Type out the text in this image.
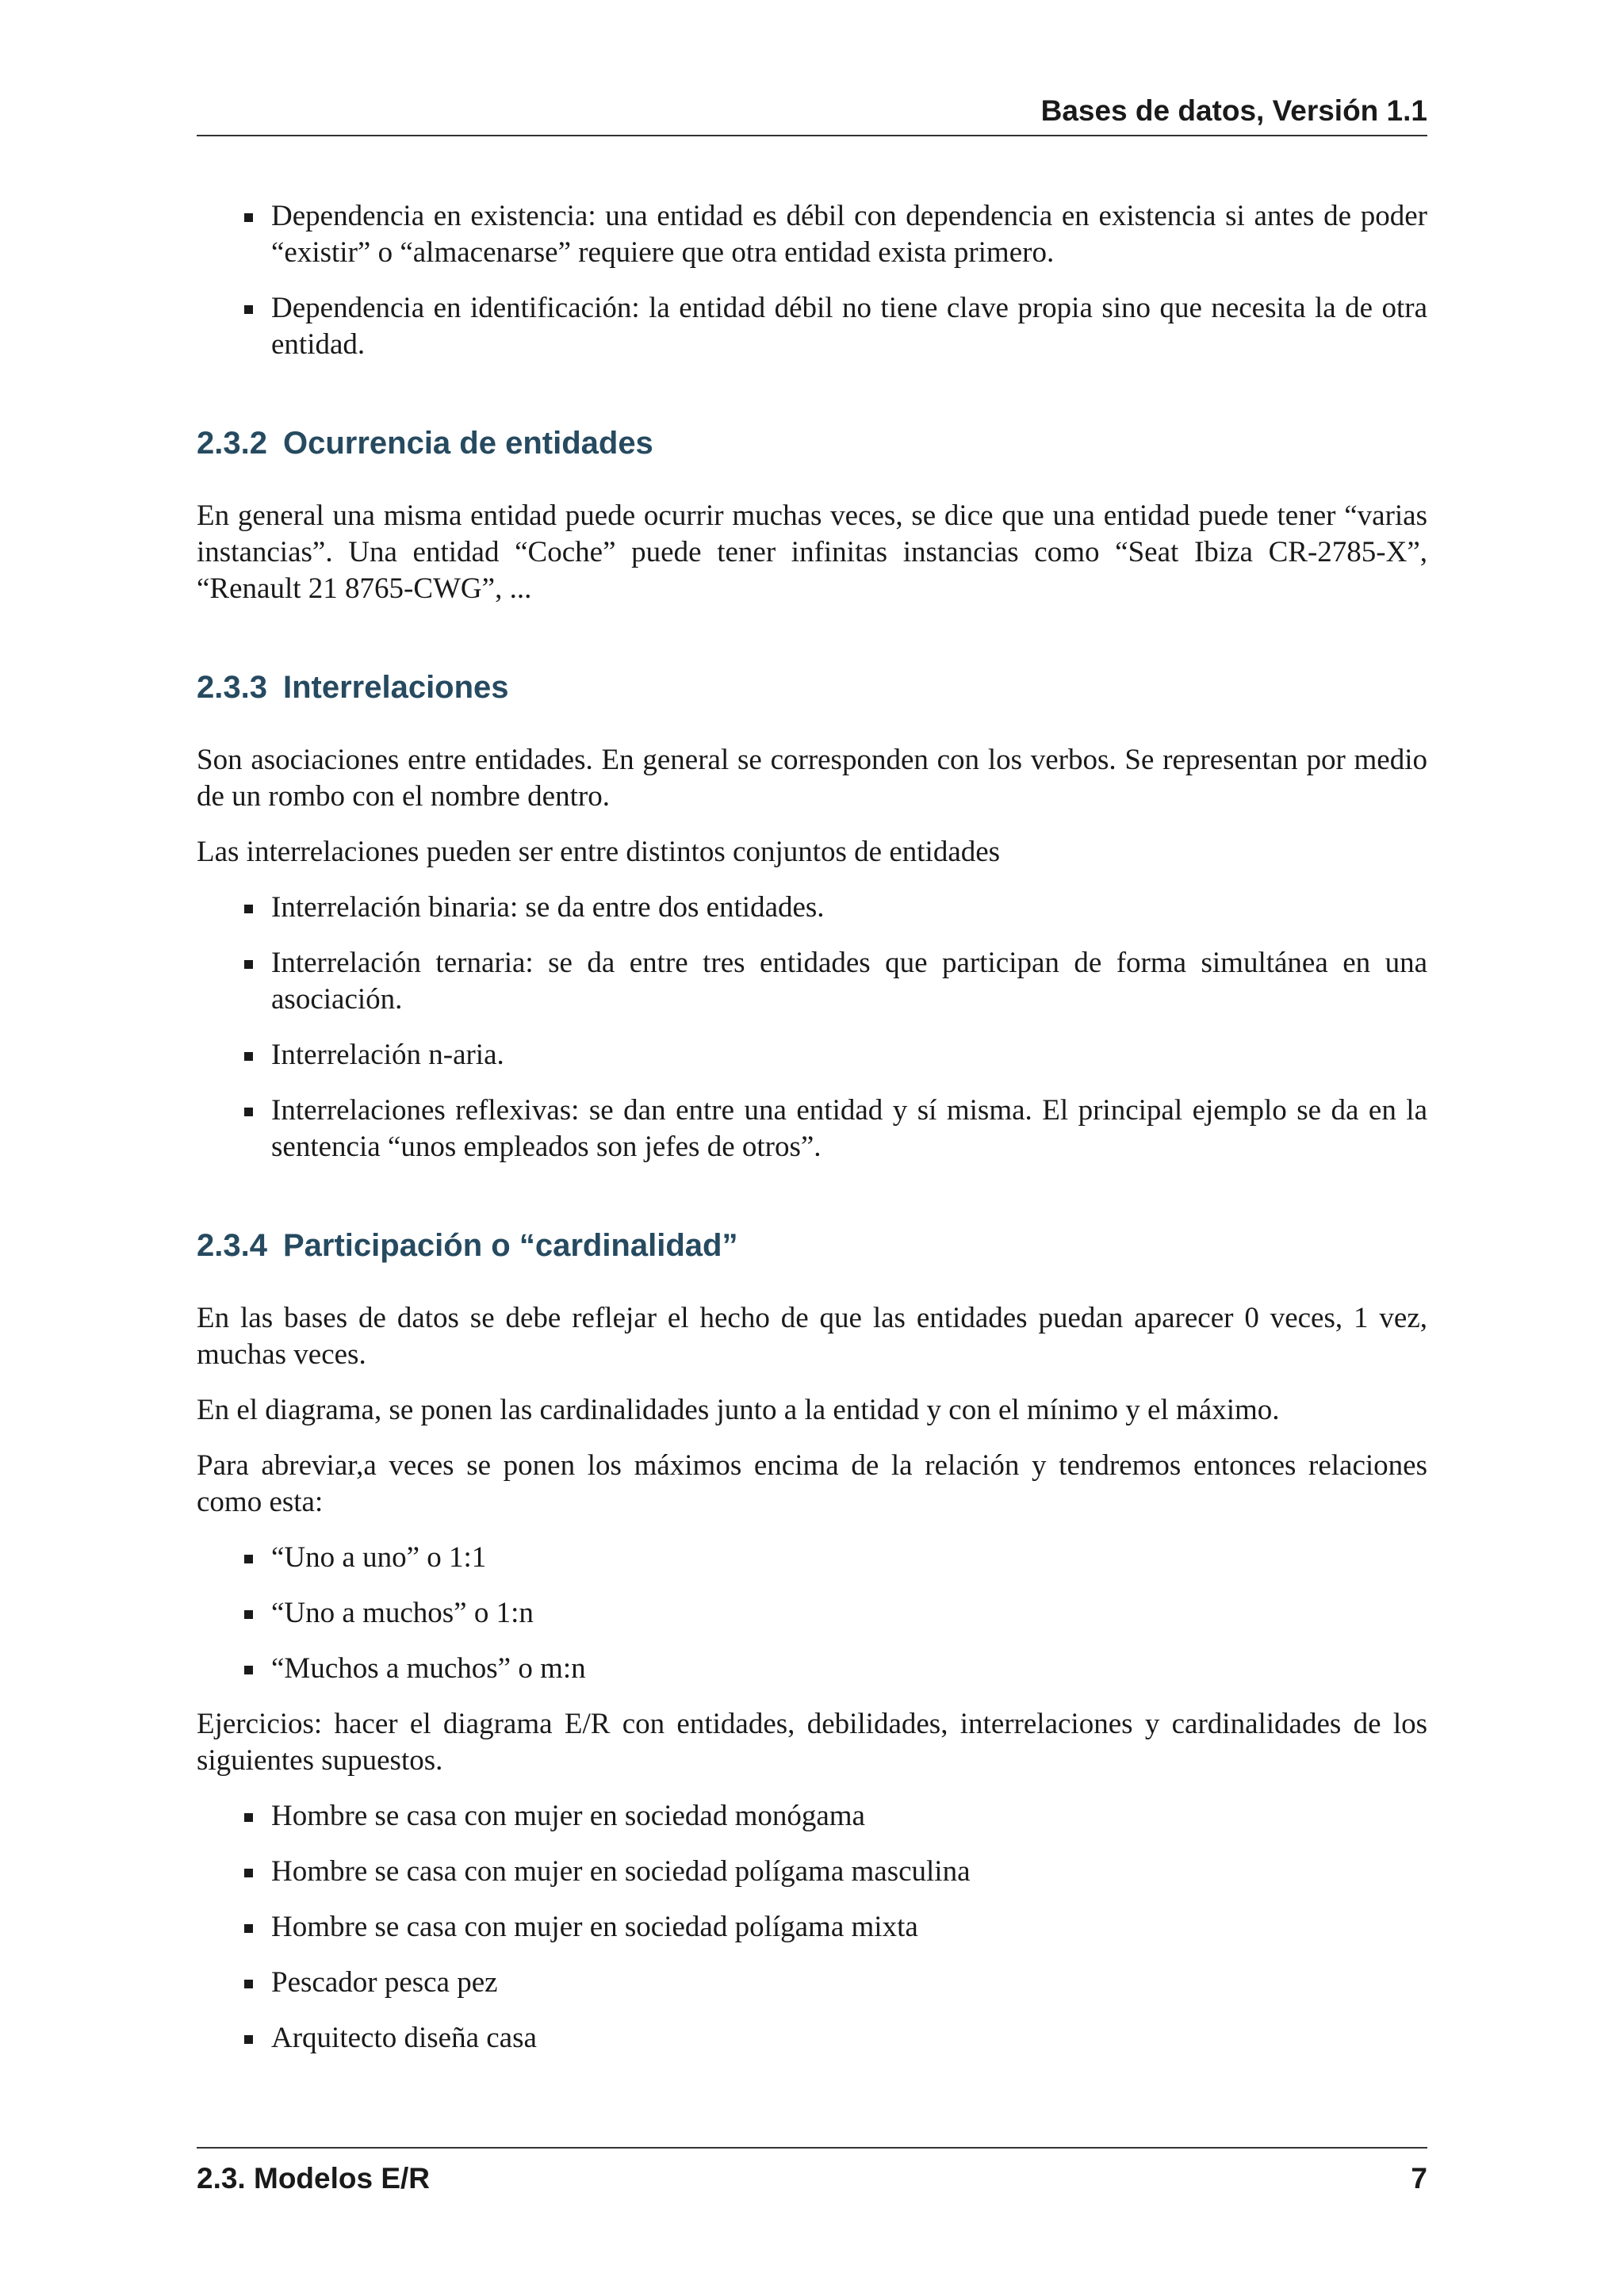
Bases de datos, Versión 1.1
Dependencia en existencia: una entidad es débil con dependencia en existencia si antes de poder “existir” o “almacenarse” requiere que otra entidad exista primero.
Dependencia en identificación: la entidad débil no tiene clave propia sino que necesita la de otra entidad.
2.3.2 Ocurrencia de entidades

En general una misma entidad puede ocurrir muchas veces, se dice que una entidad puede tener “varias instancias”. Una entidad “Coche” puede tener infinitas instancias como “Seat Ibiza CR-2785-X”, “Renault 21 8765-CWG”, ...

2.3.3 Interrelaciones

Son asociaciones entre entidades. En general se corresponden con los verbos. Se representan por medio de un rombo con el nombre dentro.

Las interrelaciones pueden ser entre distintos conjuntos de entidades

Interrelación binaria: se da entre dos entidades.
Interrelación ternaria: se da entre tres entidades que participan de forma simultánea en una asociación.
Interrelación n-aria.
Interrelaciones reflexivas: se dan entre una entidad y sí misma. El principal ejemplo se da en la sentencia “unos empleados son jefes de otros”.
2.3.4 Participación o “cardinalidad”

En las bases de datos se debe reflejar el hecho de que las entidades puedan aparecer 0 veces, 1 vez, muchas veces.

En el diagrama, se ponen las cardinalidades junto a la entidad y con el mínimo y el máximo.

Para abreviar,a veces se ponen los máximos encima de la relación y tendremos entonces relaciones como esta:

“Uno a uno” o 1:1
“Uno a muchos” o 1:n
“Muchos a muchos” o m:n

Ejercicios: hacer el diagrama E/R con entidades, debilidades, interrelaciones y cardinalidades de los siguientes supuestos.

Hombre se casa con mujer en sociedad monógama
Hombre se casa con mujer en sociedad polígama masculina
Hombre se casa con mujer en sociedad polígama mixta
Pescador pesca pez
Arquitecto diseña casa
2.3. Modelos E/R	7
